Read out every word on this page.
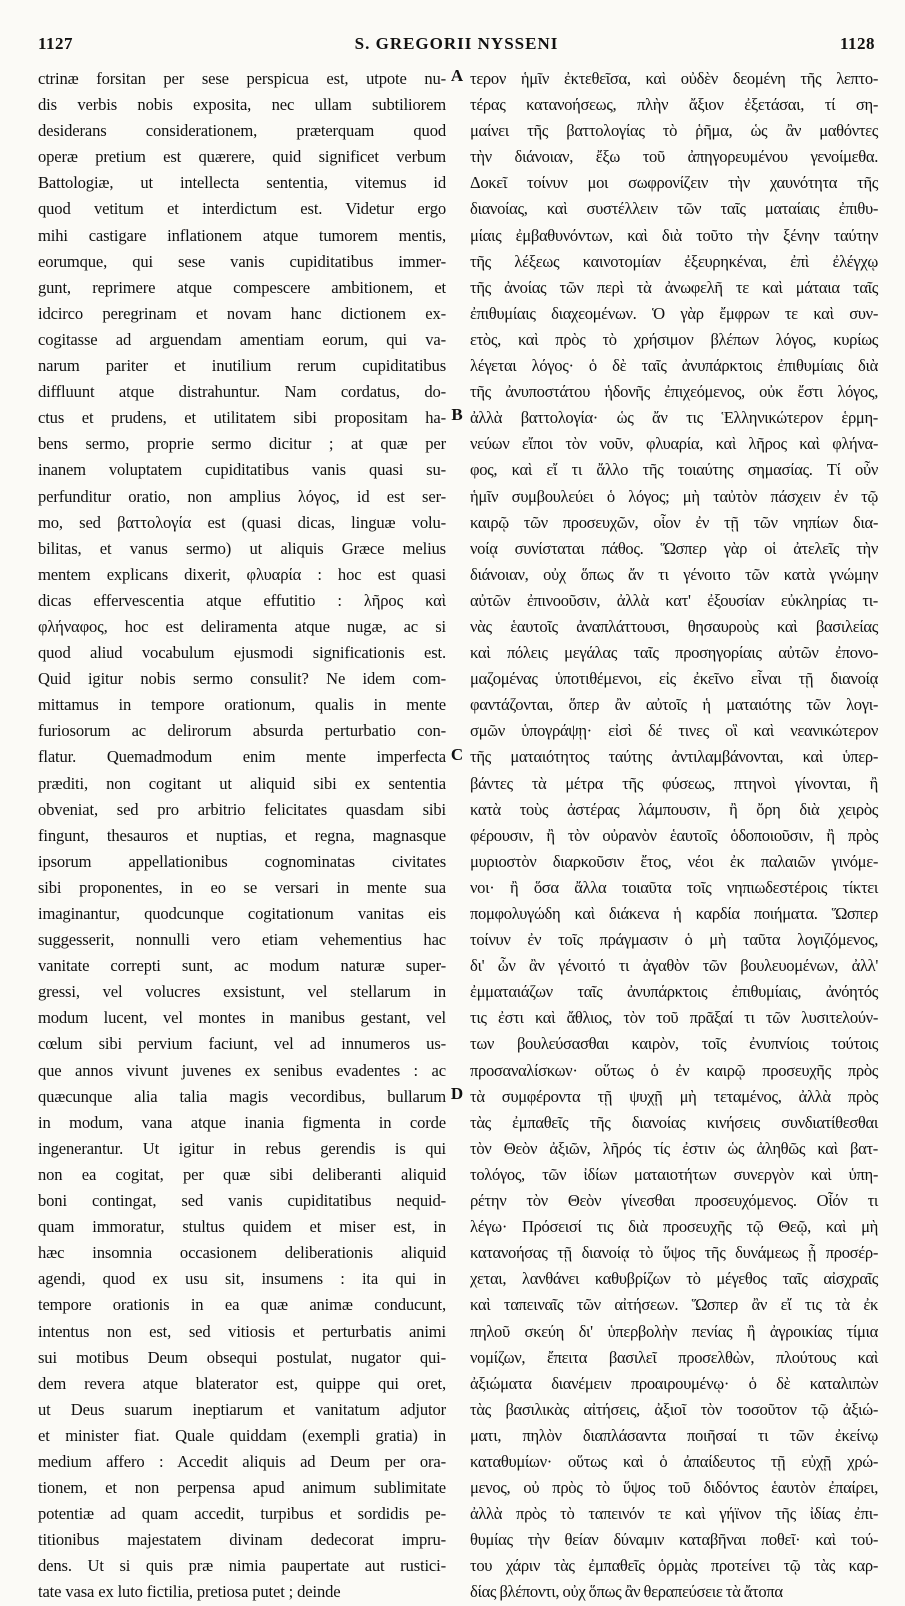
1127	S. GREGORII NYSSENI	1128
ctrinæ forsitan per sese perspicua est, utpote nu-
dis verbis nobis exposita, nec ullam subtiliorem
desiderans considerationem, præterquam quod
operæ pretium est quærere, quid significet verbum
Battologiæ, ut intellecta sententia, vitemus id
quod vetitum et interdictum est. Videtur ergo
mihi castigare inflationem atque tumorem mentis,
eorumque, qui sese vanis cupiditatibus immer-
gunt, reprimere atque compescere ambitionem, et
idcirco peregrinam et novam hanc dictionem ex-
cogitasse ad arguendam amentiam eorum, qui va-
narum pariter et inutilium rerum cupiditatibus
diffluunt atque distrahuntur. Nam cordatus, do-
ctus et prudens, et utilitatem sibi propositam ha-
bens sermo, proprie sermo dicitur ; at quæ per
inanem voluptatem cupiditatibus vanis quasi su-
perfunditur oratio, non amplius λόγος, id est ser-
mo, sed βαττολογία est (quasi dicas, linguæ volu-
bilitas, et vanus sermo) ut aliquis Græce melius
mentem explicans dixerit, φλυαρία : hoc est quasi
dicas effervescentia atque effutitio : λῆρος καὶ
φλήναφος, hoc est deliramenta atque nugæ, ac si
quod aliud vocabulum ejusmodi significationis est.
Quid igitur nobis sermo consulit? Ne idem com-
mittamus in tempore orationum, qualis in mente
furiosorum ac delirorum absurda perturbatio con-
flatur. Quemadmodum enim mente imperfecta
præditi, non cogitant ut aliquid sibi ex sententia
obveniat, sed pro arbitrio felicitates quasdam sibi
fingunt, thesauros et nuptias, et regna, magnasque
ipsorum appellationibus cognominatas civitates
sibi proponentes, in eo se versari in mente sua
imaginantur, quodcunque cogitationum vanitas eis
suggesserit, nonnulli vero etiam vehementius hac
vanitate correpti sunt, ac modum naturæ super-
gressi, vel volucres exsistunt, vel stellarum in
modum lucent, vel montes in manibus gestant, vel
cœlum sibi pervium faciunt, vel ad innumeros us-
que annos vivunt juvenes ex senibus evadentes : ac
quæcunque alia talia magis vecordibus, bullarum
in modum, vana atque inania figmenta in corde
ingenerantur. Ut igitur in rebus gerendis is qui
non ea cogitat, per quæ sibi deliberanti aliquid
boni contingat, sed vanis cupiditatibus nequid-
quam immoratur, stultus quidem et miser est, in
hæc insomnia occasionem deliberationis aliquid
agendi, quod ex usu sit, insumens : ita qui in
tempore orationis in ea quæ animæ conducunt,
intentus non est, sed vitiosis et perturbatis animi
sui motibus Deum obsequi postulat, nugator qui-
dem revera atque blaterator est, quippe qui oret,
ut Deus suarum ineptiarum et vanitatum adjutor
et minister fiat. Quale quiddam (exempli gratia) in
medium affero : Accedit aliquis ad Deum per ora-
tionem, et non perpensa apud animum sublimitate
potentiæ ad quam accedit, turpibus et sordidis pe-
titionibus majestatem divinam dedecorat impru-
dens. Ut si quis præ nimia paupertate aut rustici-
tate vasa ex luto fictilia, pretiosa putet ; deinde
τερον ἡμῖν ἐκτεθεῖσα, καὶ οὐδὲν δεομένη τῆς λεπτο-
τέρας κατανοήσεως, πλὴν ἄξιον ἐξετάσαι, τί ση-
μαίνει τῆς βαττολογίας τὸ ῥῆμα, ὡς ἂν μαθόντες
τὴν διάνοιαν, ἔξω τοῦ ἀπηγορευμένου γενοίμεθα.
Δοκεῖ τοίνυν μοι σωφρονίζειν τὴν χαυνότητα τῆς
διανοίας, καὶ συστέλλειν τῶν ταῖς ματαίαις ἐπιθυ-
μίαις ἐμβαθυνόντων, καὶ διὰ τοῦτο τὴν ξένην ταύτην
τῆς λέξεως καινοτομίαν ἐξευρηκέναι, ἐπὶ ἐλέγχῳ
τῆς ἀνοίας τῶν περὶ τὰ ἀνωφελῆ τε καὶ μάταια ταῖς
ἐπιθυμίαις διαχεομένων. Ὁ γὰρ ἔμφρων τε καὶ συν-
ετὸς, καὶ πρὸς τὸ χρήσιμον βλέπων λόγος, κυρίως
λέγεται λόγος· ὁ δὲ ταῖς ἀνυπάρκτοις ἐπιθυμίαις διὰ
τῆς ἀνυποστάτου ἡδονῆς ἐπιχεόμενος, οὐκ ἔστι λόγος,
ἀλλὰ βαττολογία· ὡς ἄν τις Ἑλληνικώτερον ἑρμη-
νεύων εἴποι τὸν νοῦν, φλυαρία, καὶ λῆρος καὶ φλήνα-
φος, καὶ εἴ τι ἄλλο τῆς τοιαύτης σημασίας. Τί οὖν
ἡμῖν συμβουλεύει ὁ λόγος; μὴ ταὐτὸν πάσχειν ἐν τῷ
καιρῷ τῶν προσευχῶν, οἷον ἐν τῇ τῶν νηπίων δια-
νοίᾳ συνίσταται πάθος. Ὥσπερ γὰρ οἱ ἀτελεῖς τὴν
διάνοιαν, οὐχ ὅπως ἄν τι γένοιτο τῶν κατὰ γνώμην
αὐτῶν ἐπινοοῦσιν, ἀλλὰ κατ' ἐξουσίαν εὐκληρίας τι-
νὰς ἑαυτοῖς ἀναπλάττουσι, θησαυροὺς καὶ βασιλείας
καὶ πόλεις μεγάλας ταῖς προσηγορίαις αὐτῶν ἐπονο-
μαζομένας ὑποτιθέμενοι, εἰς ἐκεῖνο εἶναι τῇ διανοίᾳ
φαντάζονται, ὅπερ ἂν αὐτοῖς ἡ ματαιότης τῶν λογι-
σμῶν ὑπογράψῃ· εἰσὶ δέ τινες οἳ καὶ νεανικώτερον
τῆς ματαιότητος ταύτης ἀντιλαμβάνονται, καὶ ὑπερ-
βάντες τὰ μέτρα τῆς φύσεως, πτηνοὶ γίνονται, ἢ
κατὰ τοὺς ἀστέρας λάμπουσιν, ἢ ὄρη διὰ χειρὸς
φέρουσιν, ἢ τὸν οὐρανὸν ἑαυτοῖς ὁδοποιοῦσιν, ἢ πρὸς
μυριοστὸν διαρκοῦσιν ἔτος, νέοι ἐκ παλαιῶν γινόμε-
νοι· ἢ ὅσα ἄλλα τοιαῦτα τοῖς νηπιωδεστέροις τίκτει
πομφολυγώδη καὶ διάκενα ἡ καρδία ποιήματα. Ὥσπερ
τοίνυν ἐν τοῖς πράγμασιν ὁ μὴ ταῦτα λογιζόμενος,
δι' ὧν ἂν γένοιτό τι ἀγαθὸν τῶν βουλευομένων, ἀλλ'
ἐμματαιάζων ταῖς ἀνυπάρκτοις ἐπιθυμίαις, ἀνόητός
τις ἐστι καὶ ἄθλιος, τὸν τοῦ πρᾶξαί τι τῶν λυσιτελούν-
των βουλεύσασθαι καιρὸν, τοῖς ἐνυπνίοις τούτοις
προσαναλίσκων· οὕτως ὁ ἐν καιρῷ προσευχῆς πρὸς
τὰ συμφέροντα τῇ ψυχῇ μὴ τεταμένος, ἀλλὰ πρὸς
τὰς ἐμπαθεῖς τῆς διανοίας κινήσεις συνδιατίθεσθαι
τὸν Θεὸν ἀξιῶν, λῆρός τίς ἐστιν ὡς ἀληθῶς καὶ βατ-
τολόγος, τῶν ἰδίων ματαιοτήτων συνεργὸν καὶ ὑπη-
ρέτην τὸν Θεὸν γίνεσθαι προσευχόμενος. Οἷόν τι
λέγω· Πρόσεισί τις διὰ προσευχῆς τῷ Θεῷ, καὶ μὴ
κατανοήσας τῇ διανοίᾳ τὸ ὕψος τῆς δυνάμεως ᾗ προσέρ-
χεται, λανθάνει καθυβρίζων τὸ μέγεθος ταῖς αἰσχραῖς
καὶ ταπειναῖς τῶν αἰτήσεων. Ὥσπερ ἂν εἴ τις τὰ ἐκ
πηλοῦ σκεύη δι' ὑπερβολὴν πενίας ἢ ἀγροικίας τίμια
νομίζων, ἔπειτα βασιλεῖ προσελθὼν, πλούτους καὶ
ἀξιώματα διανέμειν προαιρουμένῳ· ὁ δὲ καταλιπὼν
τὰς βασιλικὰς αἰτήσεις, ἀξιοῖ τὸν τοσοῦτον τῷ ἀξιώ-
ματι, πηλὸν διαπλάσαντα ποιῆσαί τι τῶν ἐκείνῳ
καταθυμίων· οὕτως καὶ ὁ ἀπαίδευτος τῇ εὐχῇ χρώ-
μενος, οὐ πρὸς τὸ ὕψος τοῦ διδόντος ἑαυτὸν ἐπαίρει,
ἀλλὰ πρὸς τὸ ταπεινόν τε καὶ γήϊνον τῆς ἰδίας ἐπι-
θυμίας τὴν θείαν δύναμιν καταβῆναι ποθεῖ· καὶ τού-
του χάριν τὰς ἐμπαθεῖς ὁρμὰς προτείνει τῷ τὰς καρ-
δίας βλέποντι, οὐχ ὅπως ἂν θεραπεύσειε τὰ ἄτοπα
A
B
C
D
